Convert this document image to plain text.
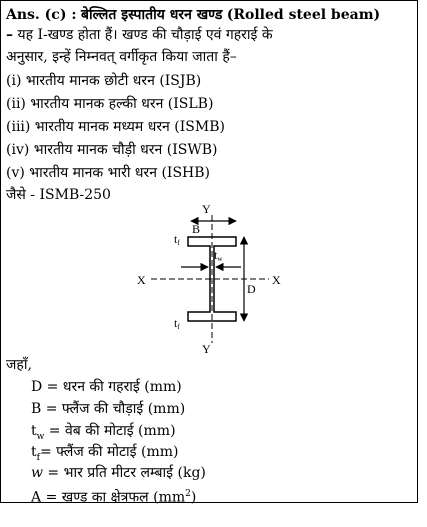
Ans. (c) : बेल्लित इस्पातीय धरन खण्ड (Rolled steel beam)
– यह I-खण्ड होता हैं। खण्ड की चौड़ाई एवं गहराई के
अनुसार, इन्हें निम्नवत् वर्गीकृत किया जाता हैं–
(i) भारतीय मानक छोटी धरन (ISJB)
(ii) भारतीय मानक हल्की धरन (ISLB)
(iii) भारतीय मानक मध्यम धरन (ISMB)
(iv) भारतीय मानक चौड़ी धरन (ISWB)
(v) भारतीय मानक भारी धरन (ISHB)
जैसे - ISMB-250
Y
Y
X	X
B
D
tf
tf
tw
जहाँ,
D = धरन की गहराई (mm)
B = फ्लैंज की चौड़ाई (mm)
$t_w$ = वेब की मोटाई (mm)
$t_f=$ फ्लैंज की मोटाई (mm)
w = भार प्रति मीटर लम्बाई (kg)
A = खण्ड का क्षेत्रफल $(mm^2)$
